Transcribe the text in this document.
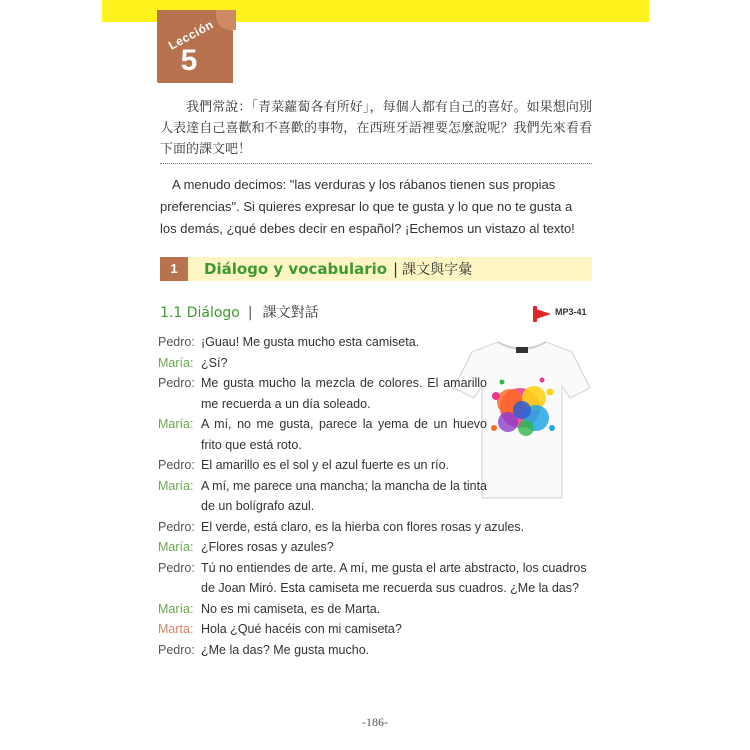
Lección
5
我們常說：「青菜蘿蔔各有所好」，每個人都有自己的喜好。如果想向別人表達自己喜歡和不喜歡的事物，在西班牙語裡要怎麼說呢？我們先來看看下面的課文吧！
A menudo decimos: "las verduras y los rábanos tienen sus propias preferencias". Si quieres expresar lo que te gusta y lo que no te gusta a los demás, ¿qué debes decir en español? ¡Echemos un vistazo al texto!
1	Diálogo y vocabulario | 課文與字彙
1.1 Diálogo | 課文對話	MP3-41
Pedro: ¡Guau! Me gusta mucho esta camiseta.
María: ¿Sí?
Pedro: Me gusta mucho la mezcla de colores. El amarillo me recuerda a un día soleado.
María: A mí, no me gusta, parece la yema de un huevo frito que está roto.
Pedro: El amarillo es el sol y el azul fuerte es un río.
María: A mí, me parece una mancha; la mancha de la tinta de un bolígrafo azul.
Pedro: El verde, está claro, es la hierba con flores rosas y azules.
María: ¿Flores rosas y azules?
Pedro: Tú no entiendes de arte. A mí, me gusta el arte abstracto, los cuadros de Joan Miró. Esta camiseta me recuerda sus cuadros. ¿Me la das?
María: No es mi camiseta, es de Marta.
Marta: Hola ¿Qué hacéis con mi camiseta?
Pedro: ¿Me la das? Me gusta mucho.
-186-
